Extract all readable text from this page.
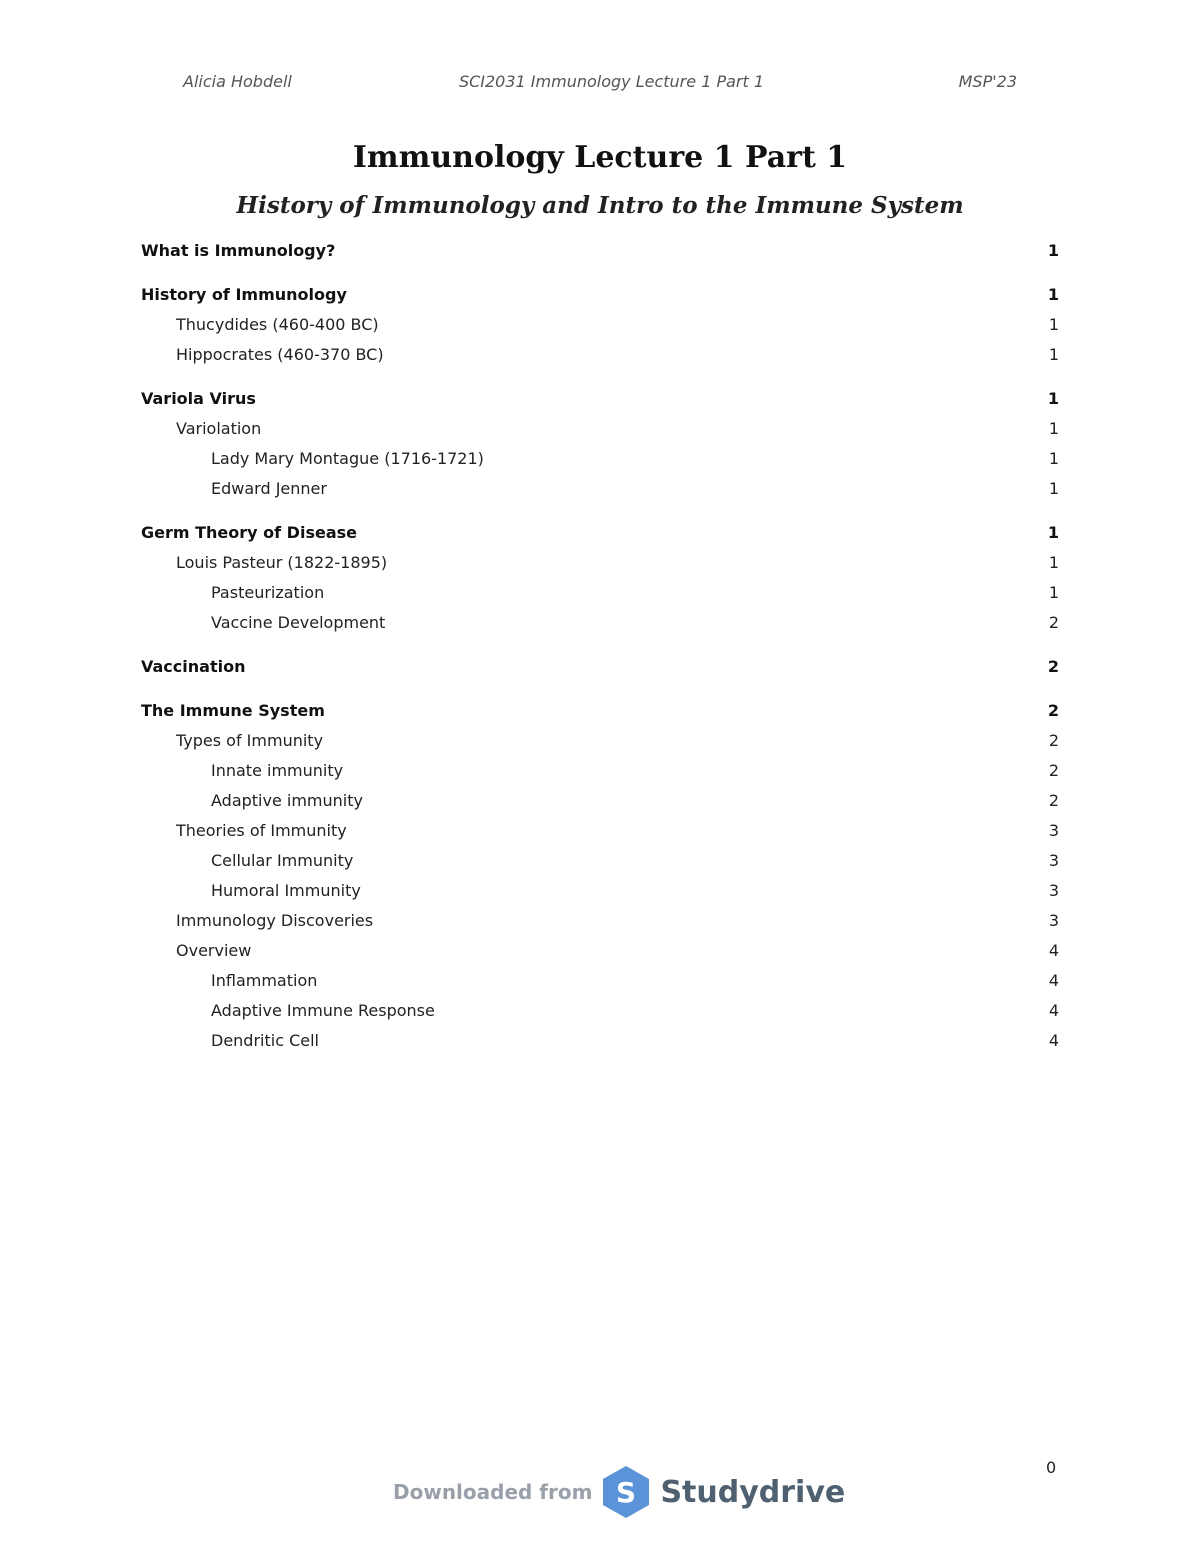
Alicia Hobdell	SCI2031 Immunology Lecture 1 Part 1	MSP'23
Immunology Lecture 1 Part 1
History of Immunology and Intro to the Immune System
What is Immunology?	1
History of Immunology	1
Thucydides (460-400 BC)	1
Hippocrates (460-370 BC)	1
Variola Virus	1
Variolation	1
Lady Mary Montague (1716-1721)	1
Edward Jenner	1
Germ Theory of Disease	1
Louis Pasteur (1822-1895)	1
Pasteurization	1
Vaccine Development	2
Vaccination	2
The Immune System	2
Types of Immunity	2
Innate immunity	2
Adaptive immunity	2
Theories of Immunity	3
Cellular Immunity	3
Humoral Immunity	3
Immunology Discoveries	3
Overview	4
Inflammation	4
Adaptive Immune Response	4
Dendritic Cell	4
0
Downloaded from S Studydrive
